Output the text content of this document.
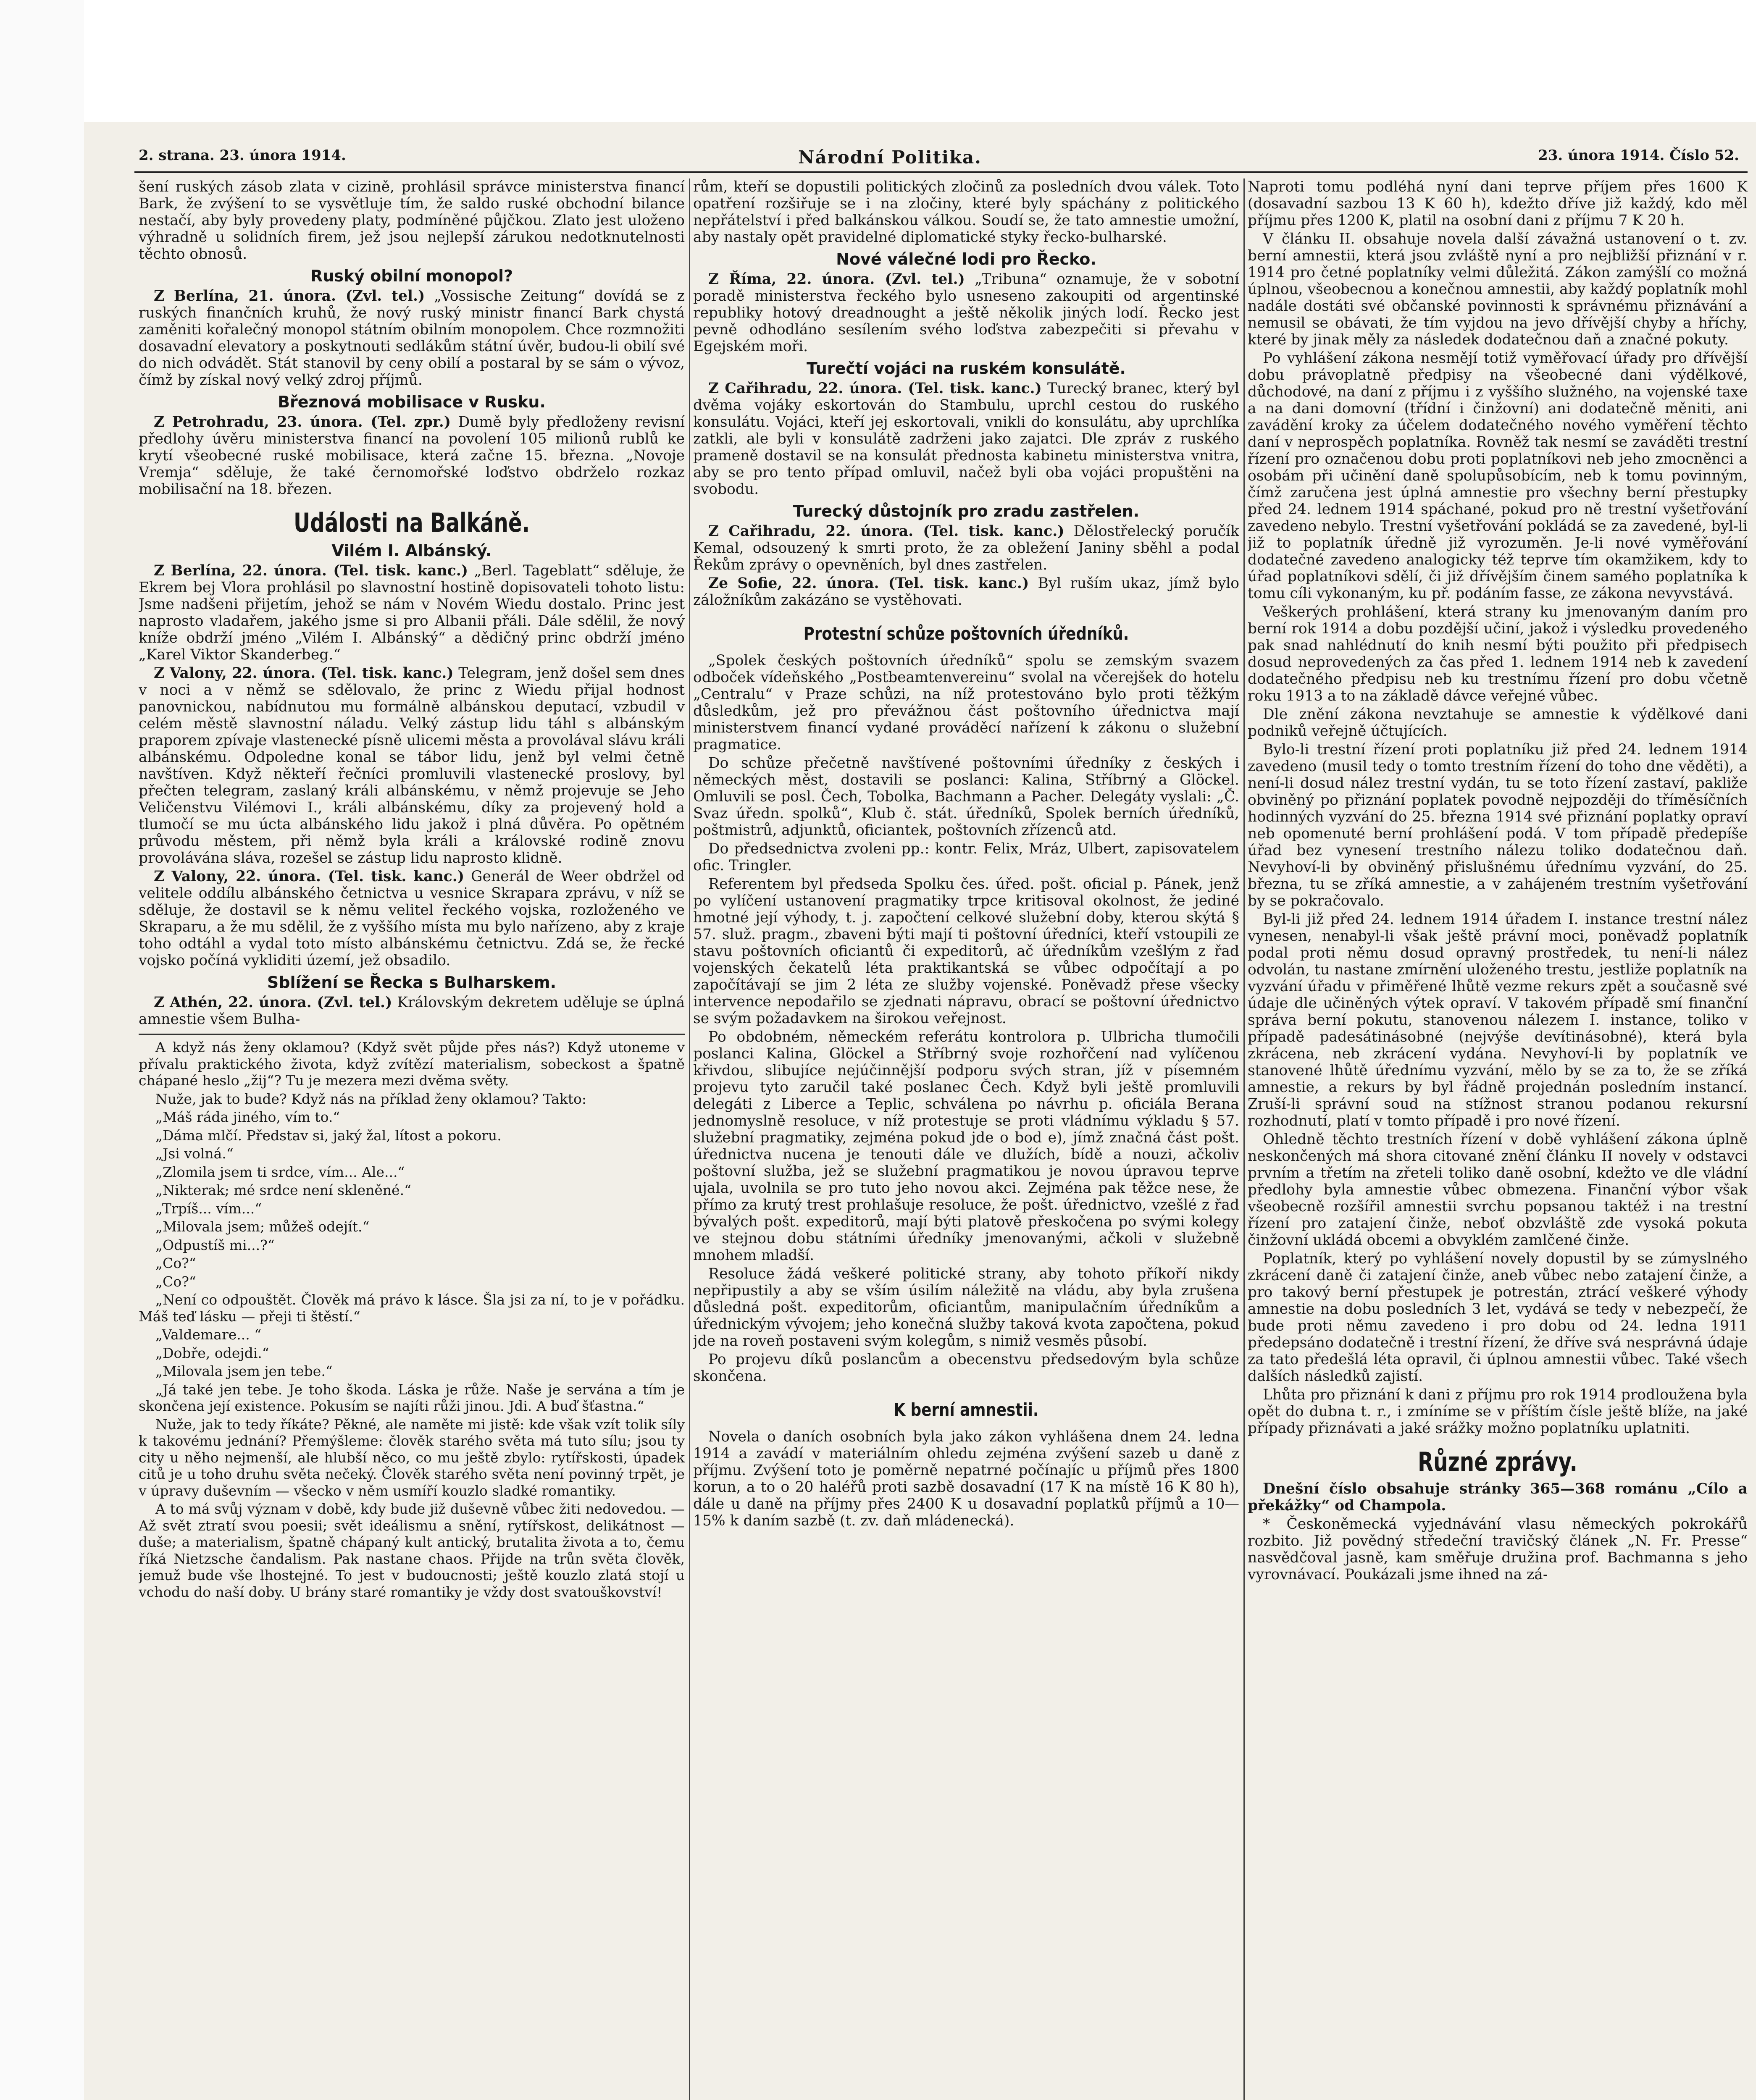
2. strana. 23. února 1914.	Národní Politika.	23. února 1914. Číslo 52.

šení ruských zásob zlata v cizině, prohlásil správce ministerstva financí Bark, že zvýšení to se vysvětluje tím, že saldo ruské obchodní bilance nestačí, aby byly provedeny platy, podmíněné půjčkou. Zlato jest uloženo výhradně u solidních firem, jež jsou nejlepší zárukou nedotknutelnosti těchto obnosů.

Ruský obilní monopol?

Z Berlína, 21. února. (Zvl. tel.) „Vossische Zeitung“ dovídá se z ruských finančních kruhů, že nový ruský ministr financí Bark chystá zaměniti kořalečný monopol státním obilním monopolem. Chce rozmnožiti dosavadní elevatory a poskytnouti sedlákům státní úvěr, budou-li obilí své do nich odvádět. Stát stanovil by ceny obilí a postaral by se sám o vývoz, čímž by získal nový velký zdroj příjmů.

Březnová mobilisace v Rusku.

Z Petrohradu, 23. února. (Tel. zpr.) Dumě byly předloženy revisní předlohy úvěru ministerstva financí na povolení 105 milionů rublů ke krytí všeobecné ruské mobilisace, která začne 15. března. „Novoje Vremja“ sděluje, že také černomořské loďstvo obdrželo rozkaz mobilisační na 18. březen.

Události na Balkáně.
Vilém I. Albánský.

Z Berlína, 22. února. (Tel. tisk. kanc.) „Berl. Tageblatt“ sděluje, že Ekrem bej Vlora prohlásil po slavnostní hostině dopisovateli tohoto listu: Jsme nadšeni přijetím, jehož se nám v Novém Wiedu dostalo. Princ jest naprosto vladařem, jakého jsme si pro Albanii přáli. Dále sdělil, že nový kníže obdrží jméno „Vilém I. Albánský“ a dědičný princ obdrží jméno „Karel Viktor Skanderbeg.“

Z Valony, 22. února. (Tel. tisk. kanc.) Telegram, jenž došel sem dnes v noci a v němž se sdělovalo, že princ z Wiedu přijal hodnost panovnickou, nabídnutou mu formálně albánskou deputací, vzbudil v celém městě slavnostní náladu. Velký zástup lidu táhl s albánským praporem zpívaje vlastenecké písně ulicemi města a provolával slávu králi albánskému. Odpoledne konal se tábor lidu, jenž byl velmi četně navštíven. Když někteří řečníci promluvili vlastenecké proslovy, byl přečten telegram, zaslaný králi albánskému, v němž projevuje se Jeho Veličenstvu Vilémovi I., králi albánskému, díky za projevený hold a tlumočí se mu úcta albánského lidu jakož i plná důvěra. Po opětném průvodu městem, při němž byla králi a královské rodině znovu provolávána sláva, rozešel se zástup lidu naprosto klidně.

Z Valony, 22. února. (Tel. tisk. kanc.) Generál de Weer obdržel od velitele oddílu albánského četnictva u vesnice Skrapara zprávu, v níž se sděluje, že dostavil se k němu velitel řeckého vojska, rozloženého ve Skraparu, a že mu sdělil, že z vyššího místa mu bylo nařízeno, aby z kraje toho odtáhl a vydal toto místo albánskému četnictvu. Zdá se, že řecké vojsko počíná vykliditi území, jež obsadilo.

Sblížení se Řecka s Bulharskem.

Z Athén, 22. února. (Zvl. tel.) Královským dekretem uděluje se úplná amnestie všem Bulha-

A když nás ženy oklamou? (Když svět půjde přes nás?) Když utoneme v přívalu praktického života, když zvítězí materialism, sobeckost a špatně chápané heslo „žij“? Tu je mezera mezi dvěma světy.

Nuže, jak to bude? Když nás na příklad ženy oklamou? Takto:

„Máš ráda jiného, vím to.“

„Dáma mlčí. Představ si, jaký žal, lítost a pokoru.

„Jsi volná.“

„Zlomila jsem ti srdce, vím... Ale...“

„Nikterak; mé srdce není skleněné.“

„Trpíš... vím...“

„Milovala jsem; můžeš odejít.“

„Odpustíš mi...?“

„Co?“

„Co?“

„Není co odpouštět. Člověk má právo k lásce. Šla jsi za ní, to je v pořádku. Máš teď lásku — přeji ti štěstí.“

„Valdemare... “

„Dobře, odejdi.“

„Milovala jsem jen tebe.“

„Já také jen tebe. Je toho škoda. Láska je růže. Naše je servána a tím je skončena její existence. Pokusím se najíti růži jinou. Jdi. A buď šťastna.“

Nuže, jak to tedy říkáte? Pěkné, ale naměte mi jistě: kde však vzít tolik síly k takovému jednání? Přemýšleme: člověk starého světa má tuto sílu; jsou ty city u něho nejmenší, ale hlubší něco, co mu ještě zbylo: rytířskosti, úpadek citů je u toho druhu světa nečeký. Člověk starého světa není povinný trpět, je v úpravy duševním — všecko v něm usmíří kouzlo sladké romantiky.

A to má svůj význam v době, kdy bude již duševně vůbec žiti nedovedou. — Až svět ztratí svou poesii; svět ideálismu a snění, rytířskost, delikátnost — duše; a materialism, špatně chápaný kult antický, brutalita života a to, čemu říká Nietzsche čandalism. Pak nastane chaos. Přijde na trůn světa člověk, jemuž bude vše lhostejné. To jest v budoucnosti; ještě kouzlo zlatá stojí u vchodu do naší doby. U brány staré romantiky je vždy dost svatouškovství!

rům, kteří se dopustili politických zločinů za posledních dvou válek. Toto opatření rozšiřuje se i na zločiny, které byly spáchány z politického nepřátelství i před balkánskou válkou. Soudí se, že tato amnestie umožní, aby nastaly opět pravidelné diplomatické styky řecko-bulharské.

Nové válečné lodi pro Řecko.

Z Říma, 22. února. (Zvl. tel.) „Tribuna“ oznamuje, že v sobotní poradě ministerstva řeckého bylo usneseno zakoupiti od argentinské republiky hotový dreadnought a ještě několik jiných lodí. Řecko jest pevně odhodláno sesílením svého loďstva zabezpečiti si převahu v Egejském moři.

Turečtí vojáci na ruském konsulátě.

Z Cařihradu, 22. února. (Tel. tisk. kanc.) Turecký branec, který byl dvěma vojáky eskortován do Stambulu, uprchl cestou do ruského konsulátu. Vojáci, kteří jej eskortovali, vnikli do konsulátu, aby uprchlíka zatkli, ale byli v konsulátě zadrženi jako zajatci. Dle zpráv z ruského prameně dostavil se na konsulát přednosta kabinetu ministerstva vnitra, aby se pro tento případ omluvil, načež byli oba vojáci propuštěni na svobodu.

Turecký důstojník pro zradu zastřelen.

Z Cařihradu, 22. února. (Tel. tisk. kanc.) Dělostřelecký poručík Kemal, odsouzený k smrti proto, že za obležení Janiny sběhl a podal Řekům zprávy o opevněních, byl dnes zastřelen.

Ze Sofie, 22. února. (Tel. tisk. kanc.) Byl ruším ukaz, jímž bylo záložníkům zakázáno se vystěhovati.

Protestní schůze poštovních úředníků.

„Spolek českých poštovních úředníků“ spolu se zemským svazem odboček vídeňského „Postbeamtenvereinu“ svolal na včerejšek do hotelu „Centralu“ v Praze schůzi, na níž protestováno bylo proti těžkým důsledkům, jež pro převážnou část poštovního úřednictva mají ministerstvem financí vydané prováděcí nařízení k zákonu o služební pragmatice.

Do schůze přečetně navštívené poštovními úředníky z českých i německých měst, dostavili se poslanci: Kalina, Stříbrný a Glöckel. Omluvili se posl. Čech, Tobolka, Bachmann a Pacher. Delegáty vyslali: „Č. Svaz úředn. spolků“, Klub č. stát. úředníků, Spolek berních úředníků, poštmistrů, adjunktů, oficiantek, poštovních zřízenců atd.

Do předsednictva zvoleni pp.: kontr. Felix, Mráz, Ulbert, zapisovatelem ofic. Tringler.

Referentem byl předseda Spolku čes. úřed. pošt. oficial p. Pánek, jenž po vylíčení ustanovení pragmatiky trpce kritisoval okolnost, že jediné hmotné její výhody, t. j. započtení celkové služební doby, kterou skýtá § 57. služ. pragm., zbaveni býti mají ti poštovní úředníci, kteří vstoupili ze stavu poštovních oficiantů či expeditorů, ač úředníkům vzešlým z řad vojenských čekatelů léta praktikantská se vůbec odpočítají a po započítávají se jim 2 léta ze služby vojenské. Poněvadž přese všecky intervence nepodařilo se zjednati nápravu, obrací se poštovní úřednictvo se svým požadavkem na širokou veřejnost.

Po obdobném, německém referátu kontrolora p. Ulbricha tlumočili poslanci Kalina, Glöckel a Stříbrný svoje rozhořčení nad vylíčenou křivdou, slibujíce nejúčinnější podporu svých stran, jíž v písemném projevu tyto zaručil také poslanec Čech. Když byli ještě promluvili delegáti z Liberce a Teplic, schválena po návrhu p. oficiála Berana jednomyslně resoluce, v níž protestuje se proti vládnímu výkladu § 57. služební pragmatiky, zejména pokud jde o bod e), jímž značná část pošt. úřednictva nucena je tenouti dále ve dlužích, bídě a nouzi, ačkoliv poštovní služba, jež se služební pragmatikou je novou úpravou teprve ujala, uvolnila se pro tuto jeho novou akci. Zejména pak těžce nese, že přímo za krutý trest prohlašuje resoluce, že pošt. úřednictvo, vzešlé z řad bývalých pošt. expeditorů, mají býti platově přeskočena po svými kolegy ve stejnou dobu státními úředníky jmenovanými, ačkoli v služebně mnohem mladší.

Resoluce žádá veškeré politické strany, aby tohoto příkoří nikdy nepřipustily a aby se vším úsilím náležitě na vládu, aby byla zrušena důsledná pošt. expeditorům, oficiantům, manipulačním úředníkům a úřednickým vývojem; jeho konečná služby taková kvota započtena, pokud jde na roveň postaveni svým kolegům, s nimiž vesměs působí.

Po projevu díků poslancům a obecenstvu předsedovým byla schůze skončena.

K berní amnestii.

Novela o daních osobních byla jako zákon vyhlášena dnem 24. ledna 1914 a zavádí v materiálním ohledu zejména zvýšení sazeb u daně z příjmu. Zvýšení toto je poměrně nepatrné počínajíc u příjmů přes 1800 korun, a to o 20 haléřů proti sazbě dosavadní (17 K na místě 16 K 80 h), dále u daně na příjmy přes 2400 K u dosavadní poplatků příjmů a 10—15% k daním sazbě (t. zv. daň mládenecká).

Naproti tomu podléhá nyní dani teprve příjem přes 1600 K (dosavadní sazbou 13 K 60 h), kdežto dříve již každý, kdo měl příjmu přes 1200 K, platil na osobní dani z příjmu 7 K 20 h.

V článku II. obsahuje novela další závažná ustanovení o t. zv. berní amnestii, která jsou zvláště nyní a pro nejbližší přiznání v r. 1914 pro četné poplatníky velmi důležitá. Zákon zamýšlí co možná úplnou, všeobecnou a konečnou amnestii, aby každý poplatník mohl nadále dostáti své občanské povinnosti k správnému přiznávání a nemusil se obávati, že tím vyjdou na jevo dřívější chyby a hříchy, které by jinak měly za následek dodatečnou daň a značné pokuty.

Po vyhlášení zákona nesmějí totiž vyměřovací úřady pro dřívější dobu právoplatně předpisy na všeobecné dani výdělkové, důchodové, na daní z příjmu i z vyššího služného, na vojenské taxe a na dani domovní (třídní i činžovní) ani dodatečně měniti, ani zavádění kroky za účelem dodatečného nového vyměření těchto daní v neprospěch poplatníka. Rovněž tak nesmí se zaváděti trestní řízení pro označenou dobu proti poplatníkovi neb jeho zmocněnci a osobám při učinění daně spolupůsobícím, neb k tomu povinným, čímž zaručena jest úplná amnestie pro všechny berní přestupky před 24. lednem 1914 spáchané, pokud pro ně trestní vyšetřování zavedeno nebylo. Trestní vyšetřování pokládá se za zavedené, byl-li již to poplatník úředně již vyrozuměn. Je-li nové vyměřování dodatečné zavedeno analogicky též teprve tím okamžikem, kdy to úřad poplatníkovi sdělí, či již dřívějším činem samého poplatníka k tomu cíli vykonaným, ku př. podáním fasse, ze zákona nevyvstává.

Veškerých prohlášení, která strany ku jmenovaným daním pro berní rok 1914 a dobu pozdější učiní, jakož i výsledku provedeného pak snad nahlédnutí do knih nesmí býti použito při předpisech dosud neprovedených za čas před 1. lednem 1914 neb k zavedení dodatečného předpisu neb ku trestnímu řízení pro dobu včetně roku 1913 a to na základě dávce veřejné vůbec.

Dle znění zákona nevztahuje se amnestie k výdělkové dani podniků veřejně účtujících.

Bylo-li trestní řízení proti poplatníku již před 24. lednem 1914 zavedeno (musil tedy o tomto trestním řízení do toho dne věděti), a není-li dosud nález trestní vydán, tu se toto řízení zastaví, pakliže obviněný po přiznání poplatek povodně nejpozději do tříměsíčních hodinných vyzvání do 25. března 1914 své přiznání poplatky opraví neb opomenuté berní prohlášení podá. V tom případě předepíše úřad bez vynesení trestního nálezu toliko dodatečnou daň. Nevyhoví-li by obviněný přislušnému úřednímu vyzvání, do 25. března, tu se zříká amnestie, a v zahájeném trestním vyšetřování by se pokračovalo.

Byl-li již před 24. lednem 1914 úřadem I. instance trestní nález vynesen, nenabyl-li však ještě právní moci, poněvadž poplatník podal proti němu dosud opravný prostředek, tu není-li nález odvolán, tu nastane zmírnění uloženého trestu, jestliže poplatník na vyzvání úřadu v přiměřené lhůtě vezme rekurs zpět a současně své údaje dle učiněných výtek opraví. V takovém případě smí finanční správa berní pokutu, stanovenou nálezem I. instance, toliko v případě padesátinásobné (nejvýše devítinásobné), která byla zkrácena, neb zkrácení vydána. Nevyhoví-li by poplatník ve stanovené lhůtě úřednímu vyzvání, mělo by se za to, že se zříká amnestie, a rekurs by byl řádně projednán posledním instancí. Zruší-li správní soud na stížnost stranou podanou rekursní rozhodnutí, platí v tomto případě i pro nové řízení.

Ohledně těchto trestních řízení v době vyhlášení zákona úplně neskončených má shora citované znění článku II novely v odstavci prvním a třetím na zřeteli toliko daně osobní, kdežto ve dle vládní předlohy byla amnestie vůbec obmezena. Finanční výbor však všeobecně rozšířil amnestii svrchu popsanou taktéž i na trestní řízení pro zatajení činže, neboť obzvláště zde vysoká pokuta činžovní ukládá obcemi a obvyklém zamlčené činže.

Poplatník, který po vyhlášení novely dopustil by se zúmyslného zkrácení daně či zatajení činže, aneb vůbec nebo zatajení činže, a pro takový berní přestupek je potrestán, ztrácí veškeré výhody amnestie na dobu posledních 3 let, vydává se tedy v nebezpečí, že bude proti němu zavedeno i pro dobu od 24. ledna 1911 předepsáno dodatečně i trestní řízení, že dříve svá nesprávná údaje za tato předešlá léta opravil, či úplnou amnestii vůbec. Také všech dalších následků zajistí.

Lhůta pro přiznání k dani z příjmu pro rok 1914 prodloužena byla opět do dubna t. r., i zmíníme se v příštím čísle ještě blíže, na jaké případy přiznávati a jaké srážky možno poplatníku uplatniti.

Různé zprávy.

Dnešní číslo obsahuje stránky 365—368 románu „Cílo a překážky“ od Champola.

* Českoněmecká vyjednávání vlasu německých pokrokářů rozbito. Již povědný středeční travičský článek „N. Fr. Presse“ nasvědčoval jasně, kam směřuje družina prof. Bachmanna s jeho vyrovnávací. Poukázali jsme ihned na zá-
